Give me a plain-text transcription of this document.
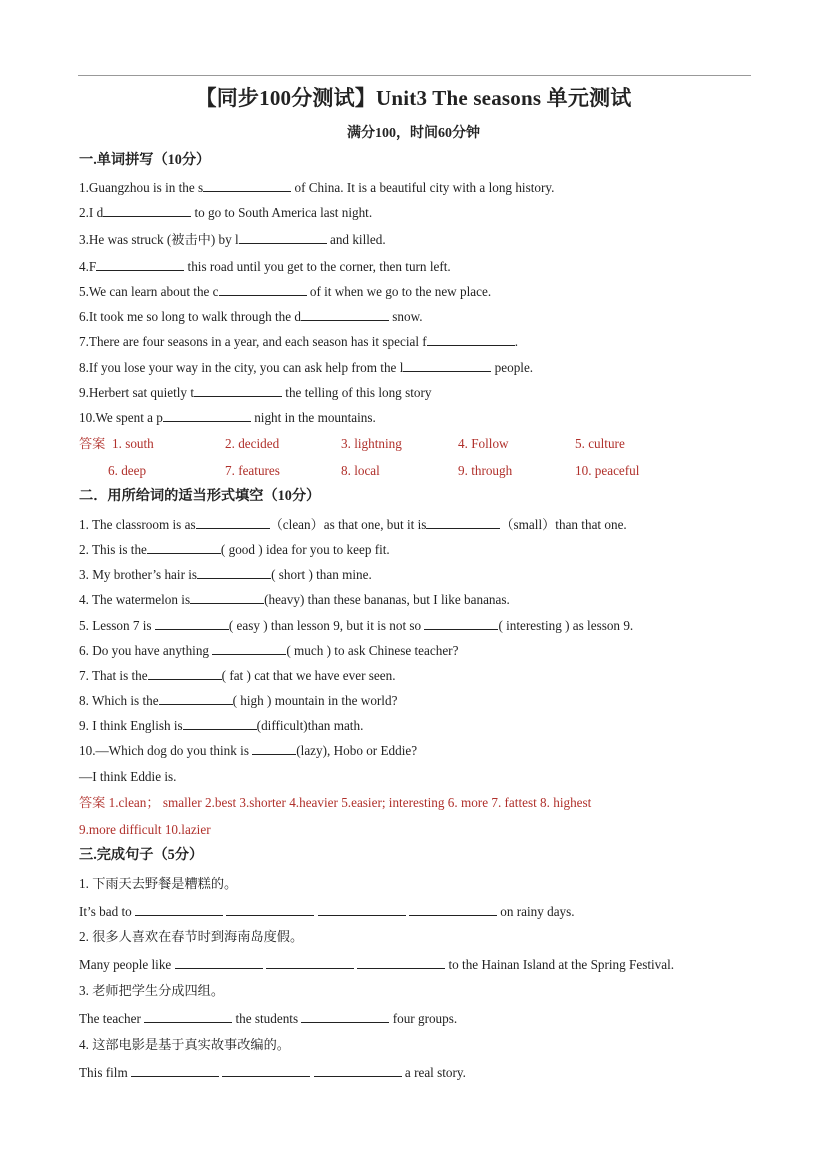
【同步100分测试】Unit3 The seasons 单元测试
满分100，时间60分钟
一.单词拼写（10分）
1.Guangzhou is in the s	of China. It is a beautiful city with a long history.
2.I d	to go to South America last night.
3.He was struck (被击中) by l	and killed.
4.F	this road until you get to the corner, then turn left.
5.We can learn about the c	of it when we go to the new place.
6.It took me so long to walk through the d	snow.
7.There are four seasons in a year, and each season has it special f	.
8.If you lose your way in the city, you can ask help from the l	people.
9.Herbert sat quietly t	the telling of this long story
10.We spent a p	night in the mountains.
答案 1. south	2. decided	3. lightning	4. Follow	5. culture
6. deep	7. features	8. local	9. through	10. peaceful
二．用所给词的适当形式填空（10分）
1. The classroom is as	（clean）as that one, but it is	（small）than that one.
2. This is the	( good ) idea for you to keep fit.
3. My brother’s hair is	( short ) than mine.
4. The watermelon is	(heavy) than these bananas, but I like bananas.
5. Lesson 7 is	( easy ) than lesson 9, but it is not so	( interesting ) as lesson 9.
6. Do you have anything	( much ) to ask Chinese teacher?
7. That is the	( fat ) cat that we have ever seen.
8. Which is the	( high ) mountain in the world?
9. I think English is	(difficult)than math.
10.—Which dog do you think is	(lazy), Hobo or Eddie?
—I think Eddie is.
答案 1.clean； smaller 2.best 3.shorter 4.heavier 5.easier; interesting 6. more 7. fattest 8. highest
9.more difficult 10.lazier
三.完成句子（5分）
1. 下雨天去野餐是糟糕的。
It’s bad to	on rainy days.
2. 很多人喜欢在春节时到海南岛度假。
Many people like	to the Hainan Island at the Spring Festival.
3. 老师把学生分成四组。
The teacher	the students	four groups.
4. 这部电影是基于真实故事改编的。
This film	a real story.
